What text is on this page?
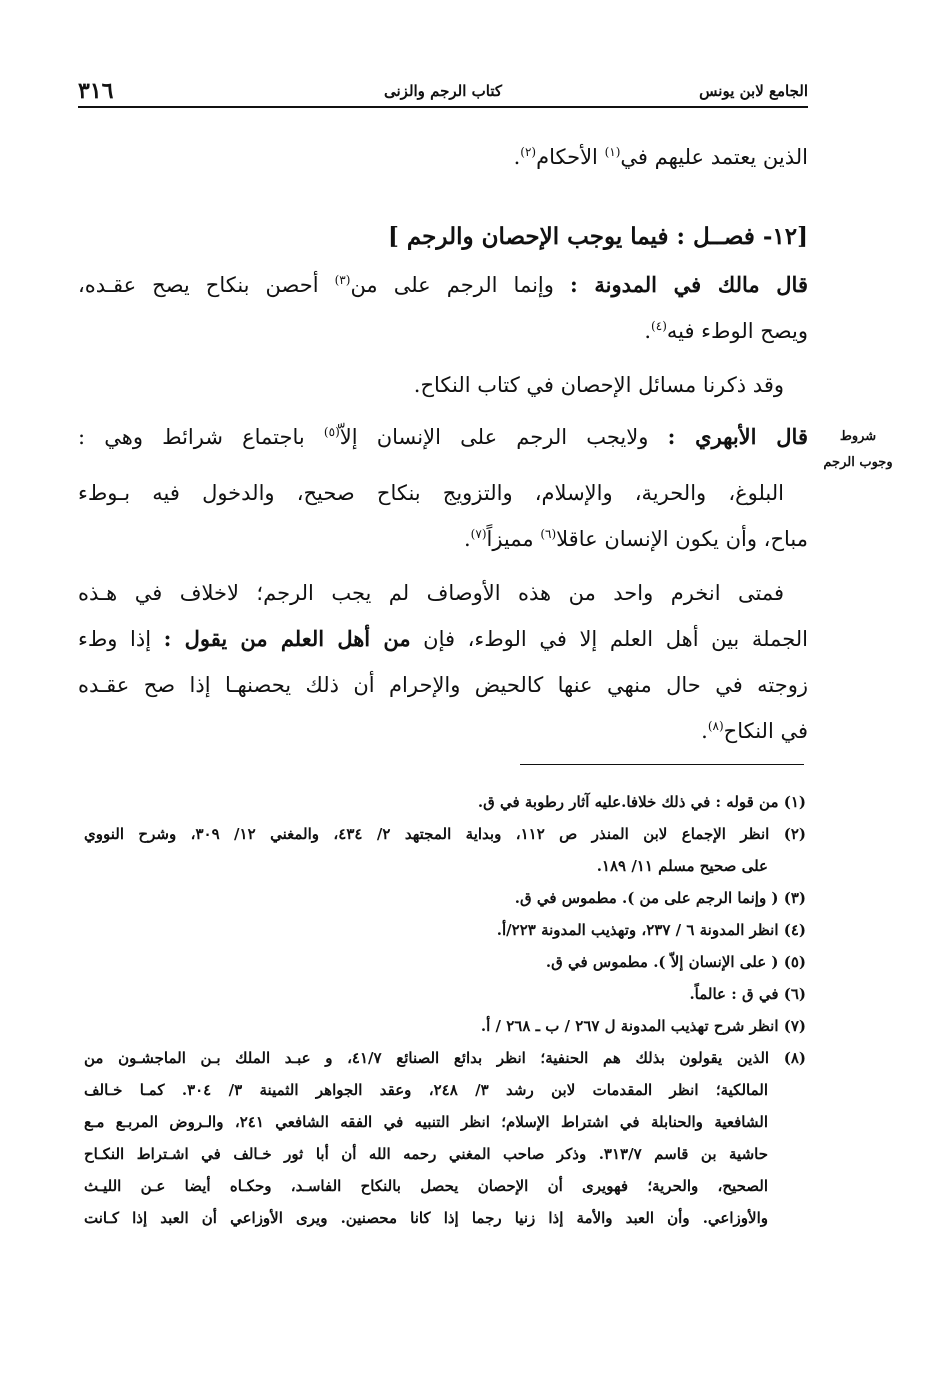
الجامع لابن يونس
كتاب الرجم والزنى
٣١٦
الذين يعتمد عليهم في$^{(١)}$ الأحكام$^{(٢)}$.
[١٢- فصــل : فيما يوجب الإحصان والرجم ]
قال مالك في المدونة : وإنما الرجم على من$^{(٣)}$ أحصن بنكاح يصح عقـده،
ويصح الوطء فيه$^{(٤)}$.
وقد ذكرنا مسائل الإحصان في كتاب النكاح.
شروط
وجوب الرجم
قال الأبهري : ولايجب الرجم على الإنسان إلاّ$^{(٥)}$ باجتماع شرائط وهي :
البلوغ، والحرية، والإسلام، والتزويج بنكاح صحيح، والدخول فيه بـوطء
مباح، وأن يكون الإنسان عاقلا$^{(٦)}$ مميزاً$^{(٧)}$.
فمتى انخرم واحد من هذه الأوصاف لم يجب الرجم؛ لاخلاف في هـذه
الجملة بين أهل العلم إلا في الوطء، فإن من أهل العلم من يقول : إذا وطء
زوجته في حال منهي عنها كالحيض والإحرام أن ذلك يحصنهـا إذا صح عقـده
في النكاح$^{(٨)}$.
(١) من قوله : في ذلك خلافا.عليه آثار رطوبة في ق.
(٢) انظر الإجماع لابن المنذر ص ١١٢، وبداية المجتهد ٢/ ٤٣٤، والمغني ١٢/ ٣٠٩، وشرح النووي
على صحيح مسلم ١١/ ١٨٩.
(٣) ( وإنما الرجم على من ). مطموس في ق.
(٤) انظر المدونة ٦ / ٢٣٧، وتهذيب المدونة ٢٢٣/أ.
(٥) ( على الإنسان إلاّ ). مطموس في ق.
(٦) في ق : عالماً.
(٧) انظر شرح تهذيب المدونة ل ٢٦٧ / ب ـ ٢٦٨ / أ.
(٨) الذين يقولون بذلك هم الحنفية؛ انظر بدائع الصنائع ٤١/٧، و عبـد الملك بـن الماجشـون من
المالكية؛ انظر المقدمات لابن رشد ٣/ ٢٤٨، وعقد الجواهر الثمينة ٣/ ٣٠٤. كمـا خـالف
الشافعية والحنابلة في اشتراط الإسلام؛ انظر التنبيه في الفقه الشافعي ٢٤١، والـروض المربـع مـع
حاشية بن قاسم ٣١٣/٧. وذكر صاحب المغني رحمه الله أن أبا ثور خـالف في اشـتراط النكـاح
الصحيح، والحرية؛ فهويرى أن الإحصان يحصل بالنكاح الفاسـد، وحكـاه أيضا عـن الليـث
والأوزاعي. وأن العبد والأمة إذا زنيا رجما إذا كانا محصنين. ويرى الأوزاعي أن العبد إذا كـانت
